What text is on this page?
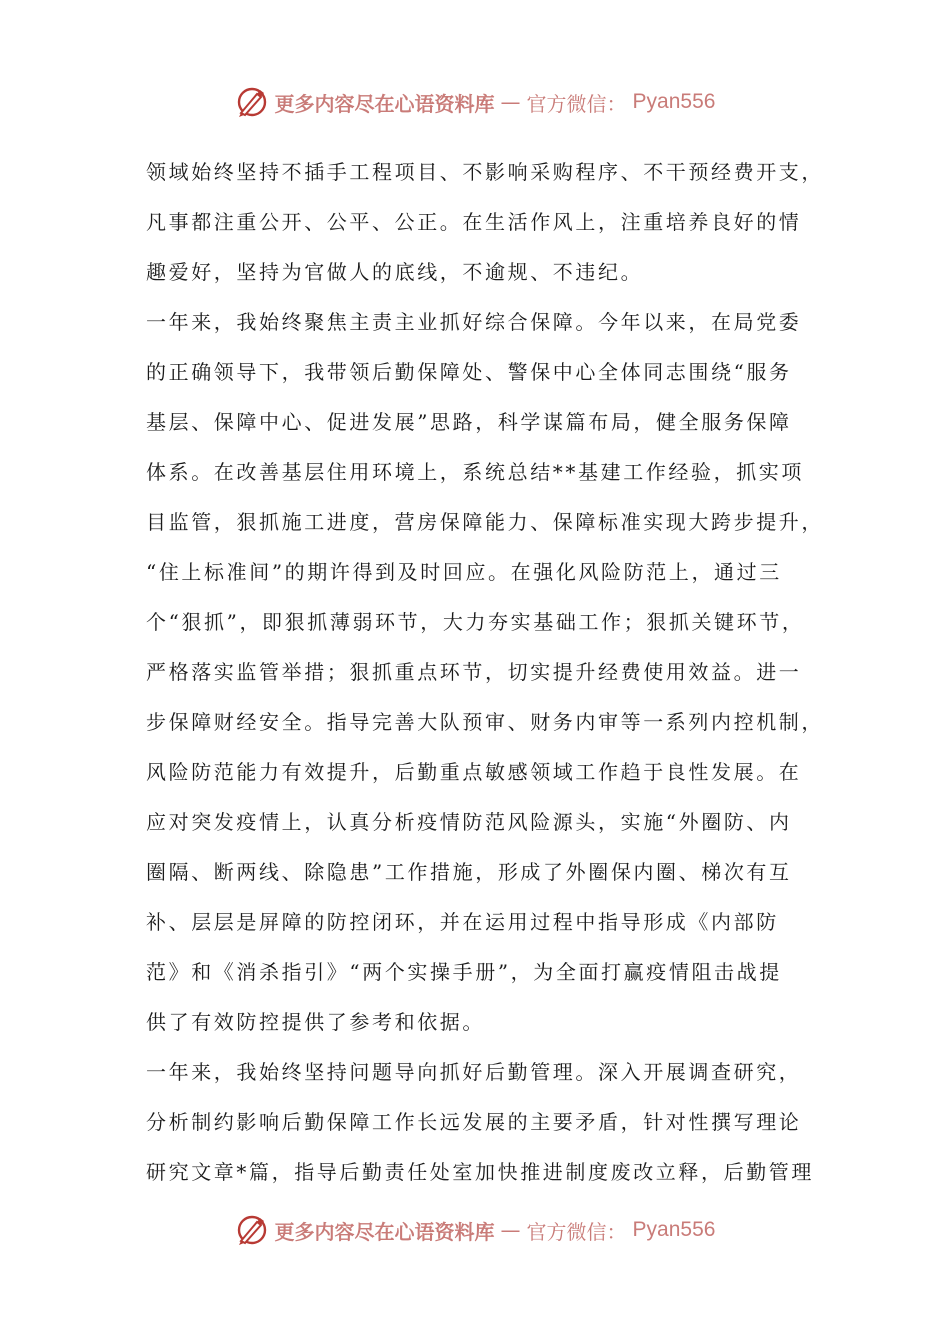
更多内容尽在心语资料库 — 官方微信： Pyan556
领域始终坚持不插手工程项目、不影响采购程序、不干预经费开支，
凡事都注重公开、公平、公正。在生活作风上，注重培养良好的情
趣爱好，坚持为官做人的底线，不逾规、不违纪。
一年来，我始终聚焦主责主业抓好综合保障。今年以来，在局党委
的正确领导下，我带领后勤保障处、警保中心全体同志围绕“服务
基层、保障中心、促进发展”思路，科学谋篇布局，健全服务保障
体系。在改善基层住用环境上，系统总结**基建工作经验，抓实项
目监管，狠抓施工进度，营房保障能力、保障标准实现大跨步提升，
“住上标准间”的期许得到及时回应。在强化风险防范上，通过三
个“狠抓”，即狠抓薄弱环节，大力夯实基础工作；狠抓关键环节，
严格落实监管举措；狠抓重点环节，切实提升经费使用效益。进一
步保障财经安全。指导完善大队预审、财务内审等一系列内控机制，
风险防范能力有效提升，后勤重点敏感领域工作趋于良性发展。在
应对突发疫情上，认真分析疫情防范风险源头，实施“外圈防、内
圈隔、断两线、除隐患”工作措施，形成了外圈保内圈、梯次有互
补、层层是屏障的防控闭环，并在运用过程中指导形成《内部防
范》和《消杀指引》“两个实操手册”，为全面打赢疫情阻击战提
供了有效防控提供了参考和依据。
一年来，我始终坚持问题导向抓好后勤管理。深入开展调查研究，
分析制约影响后勤保障工作长远发展的主要矛盾，针对性撰写理论
研究文章*篇，指导后勤责任处室加快推进制度废改立释，后勤管理
更多内容尽在心语资料库 — 官方微信： Pyan556
